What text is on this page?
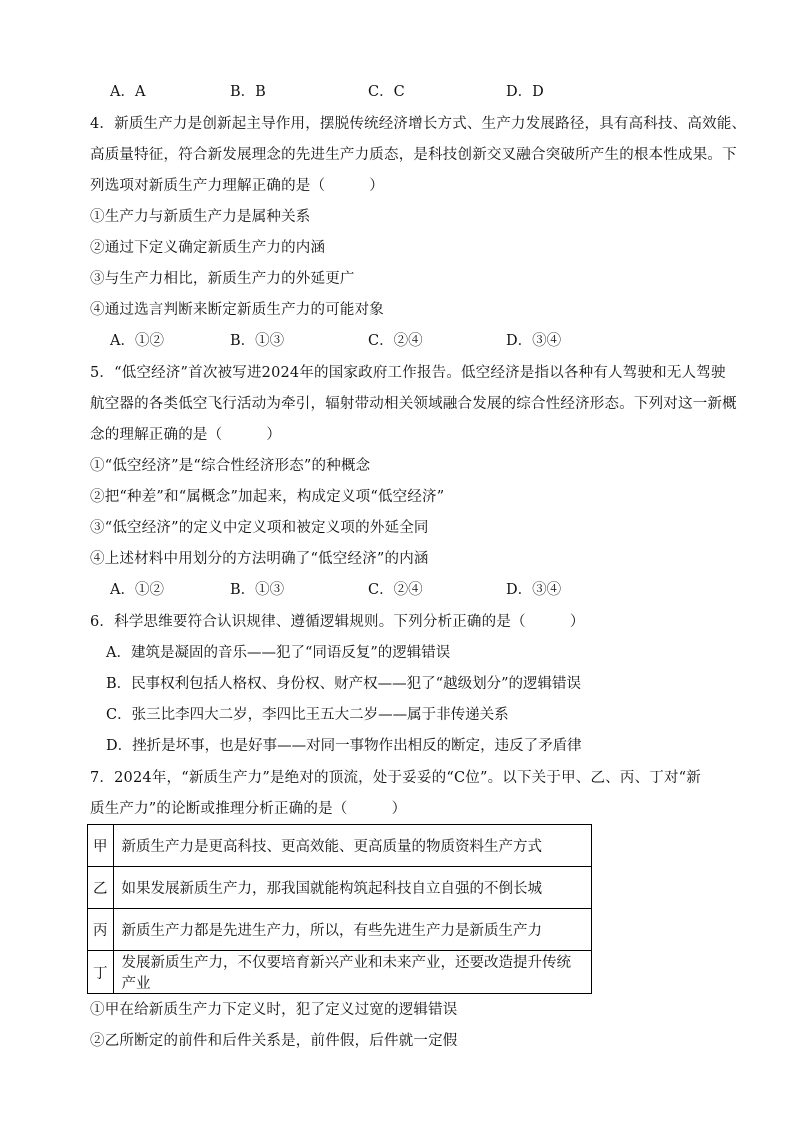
A．A	B．B	C．C	D．D
4．新质生产力是创新起主导作用，摆脱传统经济增长方式、生产力发展路径，具有高科技、高效能、
高质量特征，符合新发展理念的先进生产力质态，是科技创新交叉融合突破所产生的根本性成果。下
列选项对新质生产力理解正确的是（　　　）
①生产力与新质生产力是属种关系
②通过下定义确定新质生产力的内涵
③与生产力相比，新质生产力的外延更广
④通过选言判断来断定新质生产力的可能对象
A．①②	B．①③	C．②④	D．③④
5．“低空经济”首次被写进2024年的国家政府工作报告。低空经济是指以各种有人驾驶和无人驾驶
航空器的各类低空飞行活动为牵引，辐射带动相关领域融合发展的综合性经济形态。下列对这一新概
念的理解正确的是（　　　）
①“低空经济”是“综合性经济形态”的种概念
②把“种差”和“属概念”加起来，构成定义项“低空经济”
③“低空经济”的定义中定义项和被定义项的外延全同
④上述材料中用划分的方法明确了“低空经济”的内涵
A．①②	B．①③	C．②④	D．③④
6．科学思维要符合认识规律、遵循逻辑规则。下列分析正确的是（　　　）
A．建筑是凝固的音乐——犯了“同语反复”的逻辑错误
B．民事权利包括人格权、身份权、财产权——犯了“越级划分”的逻辑错误
C．张三比李四大二岁，李四比王五大二岁——属于非传递关系
D．挫折是坏事，也是好事——对同一事物作出相反的断定，违反了矛盾律
7．2024年，“新质生产力”是绝对的顶流，处于妥妥的“C位”。以下关于甲、乙、丙、丁对“新
质生产力”的论断或推理分析正确的是（　　　）
甲	新质生产力是更高科技、更高效能、更高质量的物质资料生产方式
乙	如果发展新质生产力，那我国就能构筑起科技自立自强的不倒长城
丙	新质生产力都是先进生产力，所以，有些先进生产力是新质生产力
丁	发展新质生产力，不仅要培育新兴产业和未来产业，还要改造提升传统产业
①甲在给新质生产力下定义时，犯了定义过宽的逻辑错误
②乙所断定的前件和后件关系是，前件假，后件就一定假
